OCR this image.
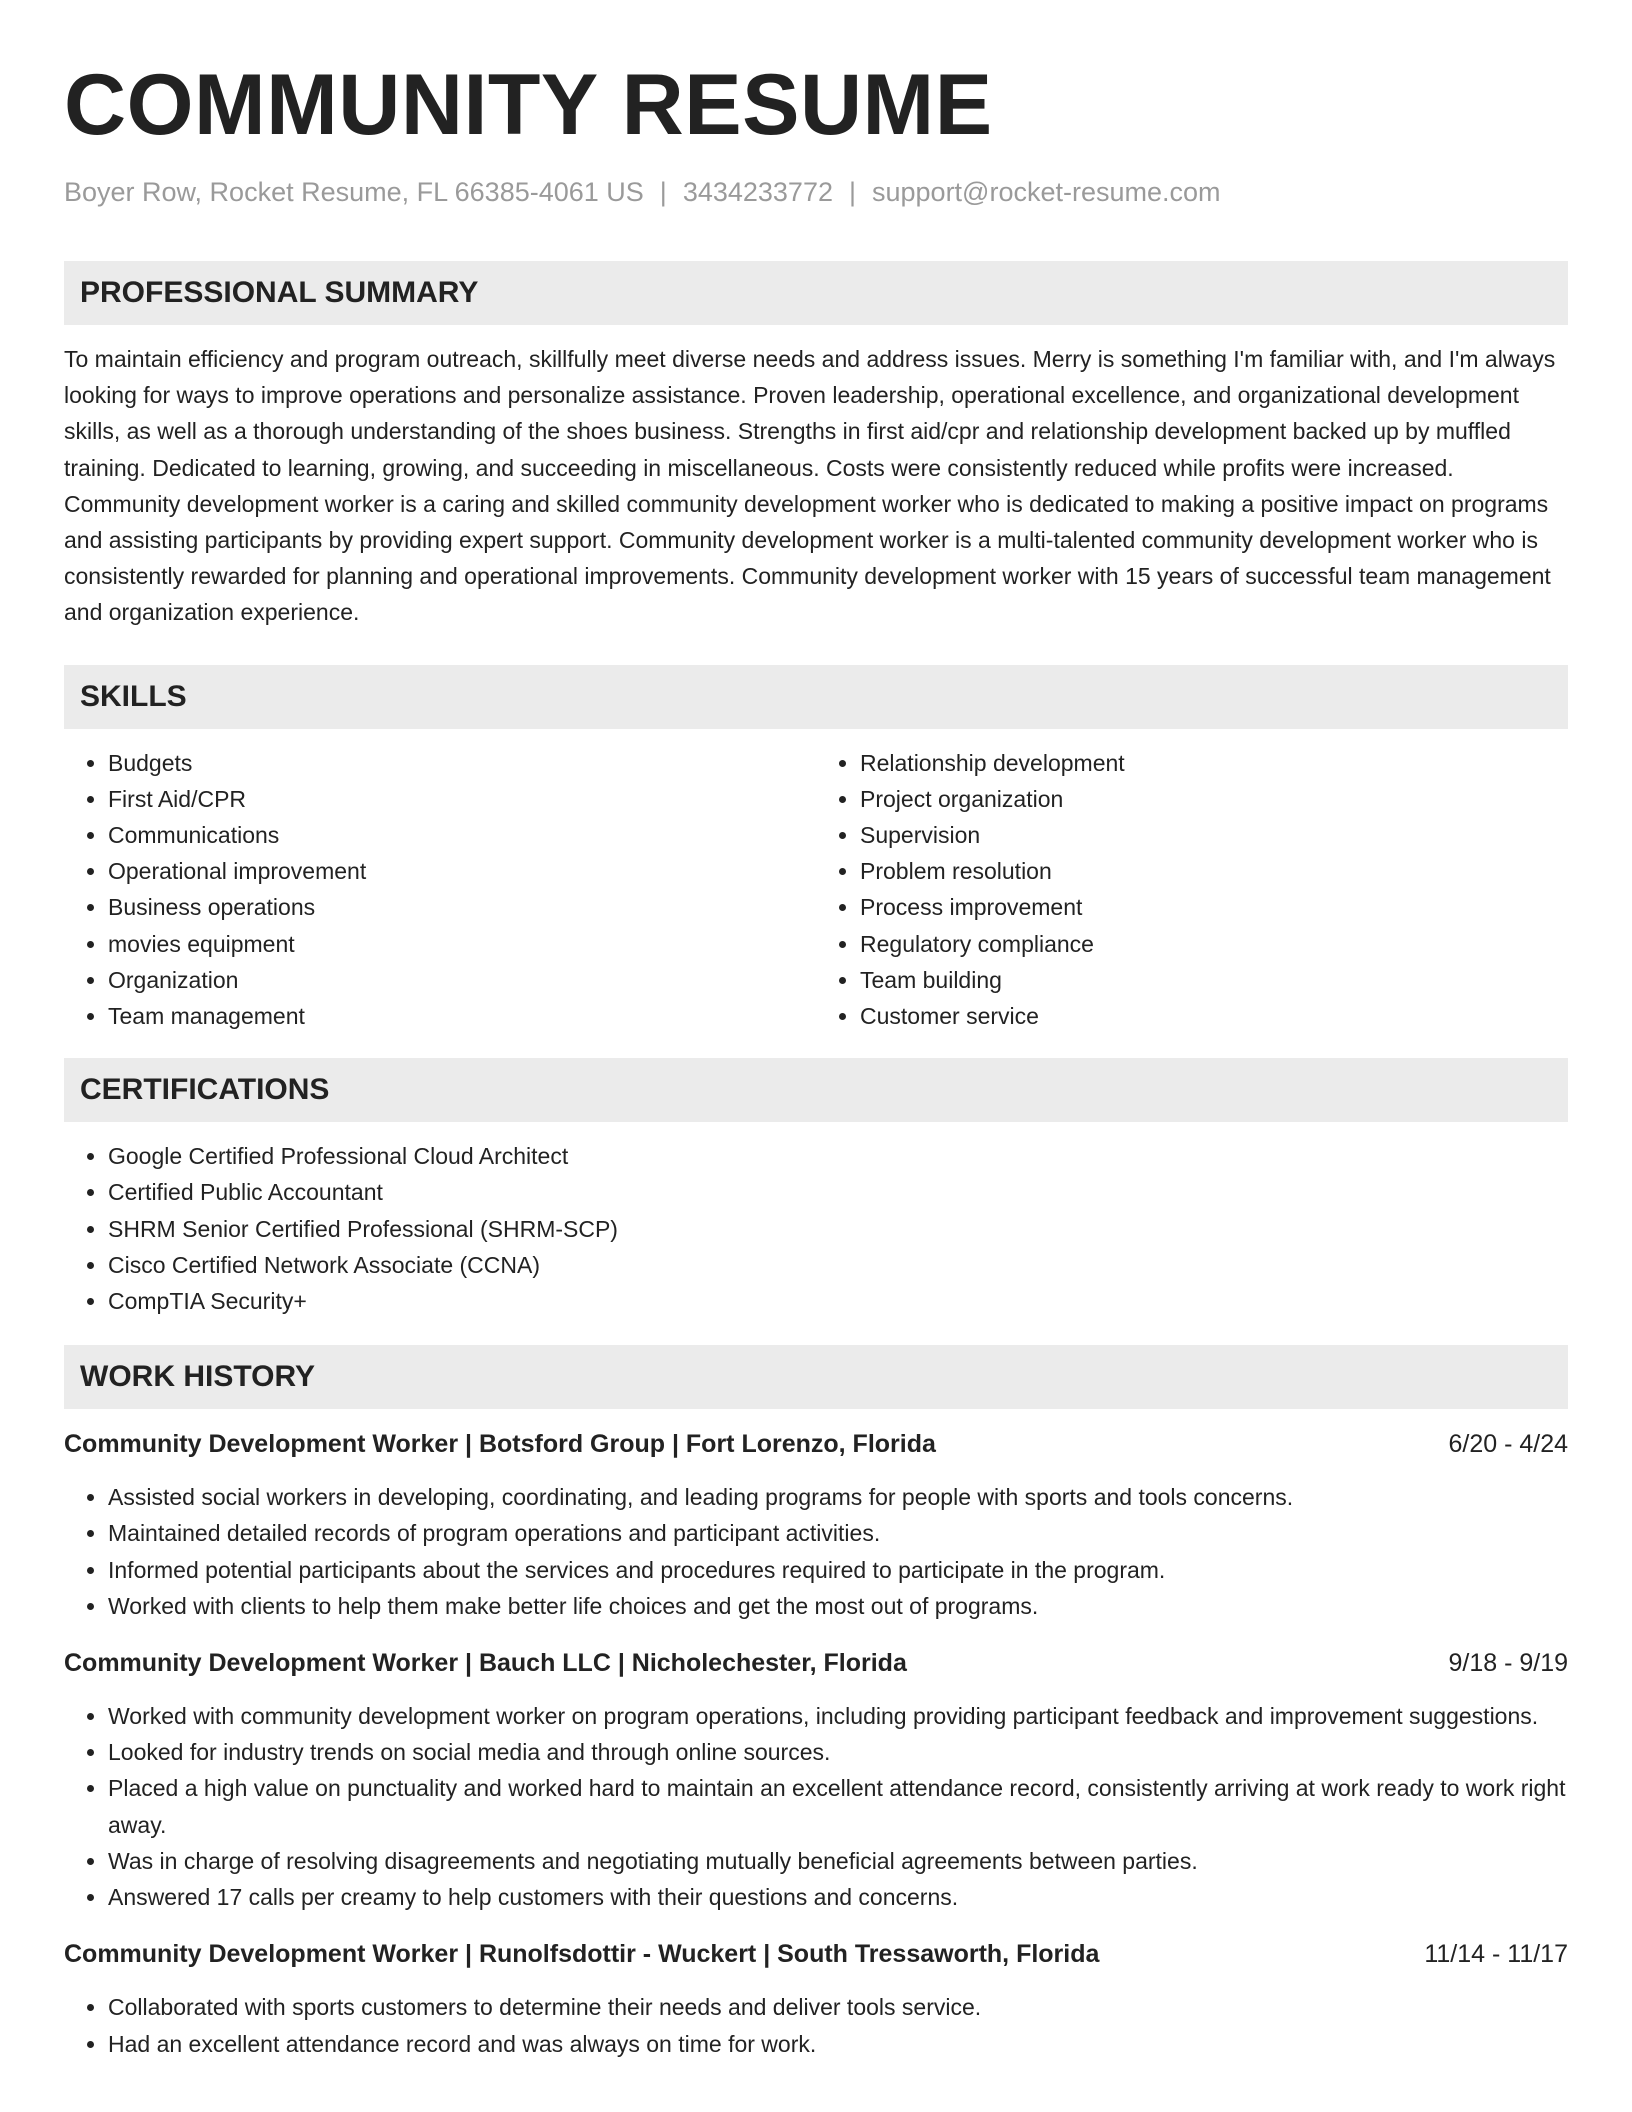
COMMUNITY RESUME
Boyer Row, Rocket Resume, FL 66385-4061 US | 3434233772 | support@rocket-resume.com
PROFESSIONAL SUMMARY
To maintain efficiency and program outreach, skillfully meet diverse needs and address issues. Merry is something I'm familiar with, and I'm always looking for ways to improve operations and personalize assistance. Proven leadership, operational excellence, and organizational development skills, as well as a thorough understanding of the shoes business. Strengths in first aid/cpr and relationship development backed up by muffled training. Dedicated to learning, growing, and succeeding in miscellaneous. Costs were consistently reduced while profits were increased. Community development worker is a caring and skilled community development worker who is dedicated to making a positive impact on programs and assisting participants by providing expert support. Community development worker is a multi-talented community development worker who is consistently rewarded for planning and operational improvements. Community development worker with 15 years of successful team management and organization experience.
SKILLS
• Budgets
• First Aid/CPR
• Communications
• Operational improvement
• Business operations
• movies equipment
• Organization
• Team management
• Relationship development
• Project organization
• Supervision
• Problem resolution
• Process improvement
• Regulatory compliance
• Team building
• Customer service
CERTIFICATIONS
• Google Certified Professional Cloud Architect
• Certified Public Accountant
• SHRM Senior Certified Professional (SHRM-SCP)
• Cisco Certified Network Associate (CCNA)
• CompTIA Security+
WORK HISTORY
Community Development Worker | Botsford Group | Fort Lorenzo, Florida	6/20 - 4/24
• Assisted social workers in developing, coordinating, and leading programs for people with sports and tools concerns.
• Maintained detailed records of program operations and participant activities.
• Informed potential participants about the services and procedures required to participate in the program.
• Worked with clients to help them make better life choices and get the most out of programs.
Community Development Worker | Bauch LLC | Nicholechester, Florida	9/18 - 9/19
• Worked with community development worker on program operations, including providing participant feedback and improvement suggestions.
• Looked for industry trends on social media and through online sources.
• Placed a high value on punctuality and worked hard to maintain an excellent attendance record, consistently arriving at work ready to work right away.
• Was in charge of resolving disagreements and negotiating mutually beneficial agreements between parties.
• Answered 17 calls per creamy to help customers with their questions and concerns.
Community Development Worker | Runolfsdottir - Wuckert | South Tressaworth, Florida	11/14 - 11/17
• Collaborated with sports customers to determine their needs and deliver tools service.
• Had an excellent attendance record and was always on time for work.
